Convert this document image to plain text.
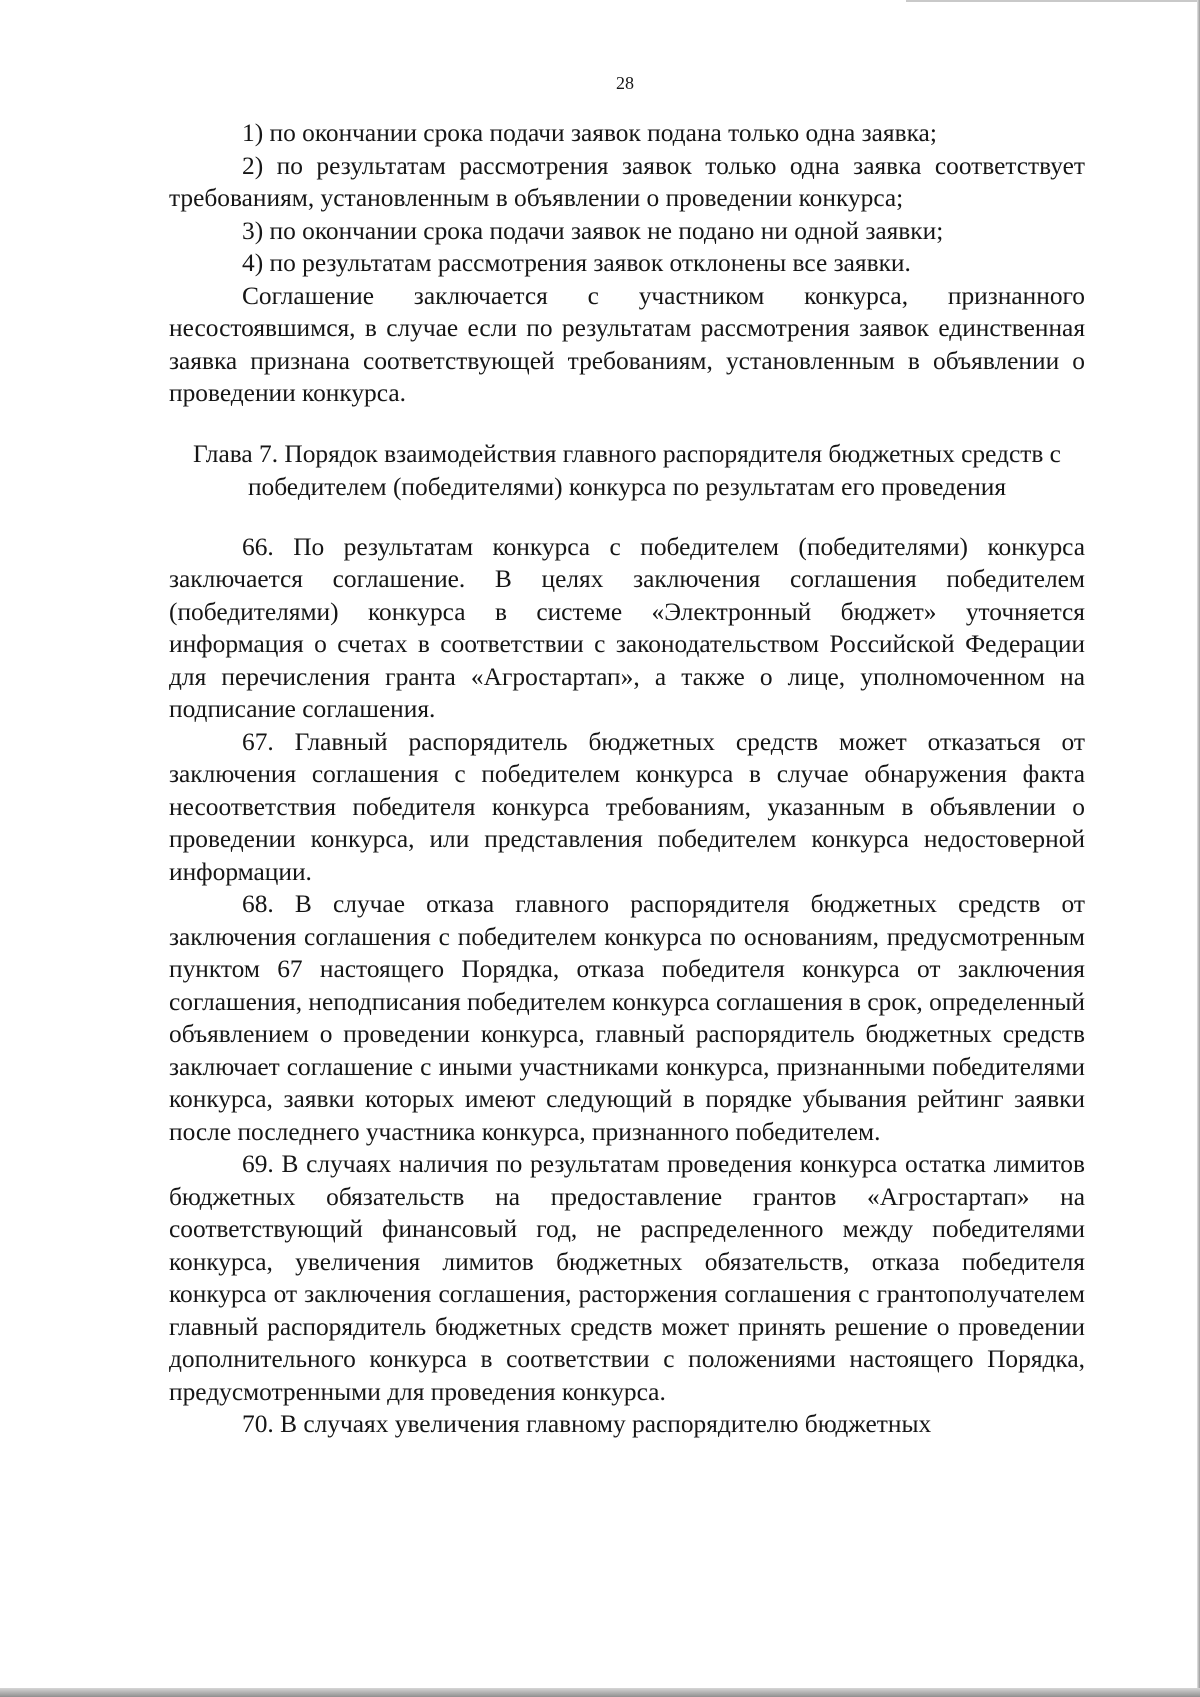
28

1) по окончании срока подачи заявок подана только одна заявка;

2) по результатам рассмотрения заявок только одна заявка соответствует требованиям, установленным в объявлении о проведении конкурса;

3) по окончании срока подачи заявок не подано ни одной заявки;

4) по результатам рассмотрения заявок отклонены все заявки.

Соглашение заключается с участником конкурса, признанного несостоявшимся, в случае если по результатам рассмотрения заявок единственная заявка признана соответствующей требованиям, установленным в объявлении о проведении конкурса.

Глава 7. Порядок взаимодействия главного распорядителя бюджетных средств с победителем (победителями) конкурса по результатам его проведения

66. По результатам конкурса с победителем (победителями) конкурса заключается соглашение. В целях заключения соглашения победителем (победителями) конкурса в системе «Электронный бюджет» уточняется информация о счетах в соответствии с законодательством Российской Федерации для перечисления гранта «Агростартап», а также о лице, уполномоченном на подписание соглашения.

67. Главный распорядитель бюджетных средств может отказаться от заключения соглашения с победителем конкурса в случае обнаружения факта несоответствия победителя конкурса требованиям, указанным в объявлении о проведении конкурса, или представления победителем конкурса недостоверной информации.

68. В случае отказа главного распорядителя бюджетных средств от заключения соглашения с победителем конкурса по основаниям, предусмотренным пунктом 67 настоящего Порядка, отказа победителя конкурса от заключения соглашения, неподписания победителем конкурса соглашения в срок, определенный объявлением о проведении конкурса, главный распорядитель бюджетных средств заключает соглашение с иными участниками конкурса, признанными победителями конкурса, заявки которых имеют следующий в порядке убывания рейтинг заявки после последнего участника конкурса, признанного победителем.

69. В случаях наличия по результатам проведения конкурса остатка лимитов бюджетных обязательств на предоставление грантов «Агростартап» на соответствующий финансовый год, не распределенного между победителями конкурса, увеличения лимитов бюджетных обязательств, отказа победителя конкурса от заключения соглашения, расторжения соглашения с грантополучателем главный распорядитель бюджетных средств может принять решение о проведении дополнительного конкурса в соответствии с положениями настоящего Порядка, предусмотренными для проведения конкурса.

70. В случаях увеличения главному распорядителю бюджетных
